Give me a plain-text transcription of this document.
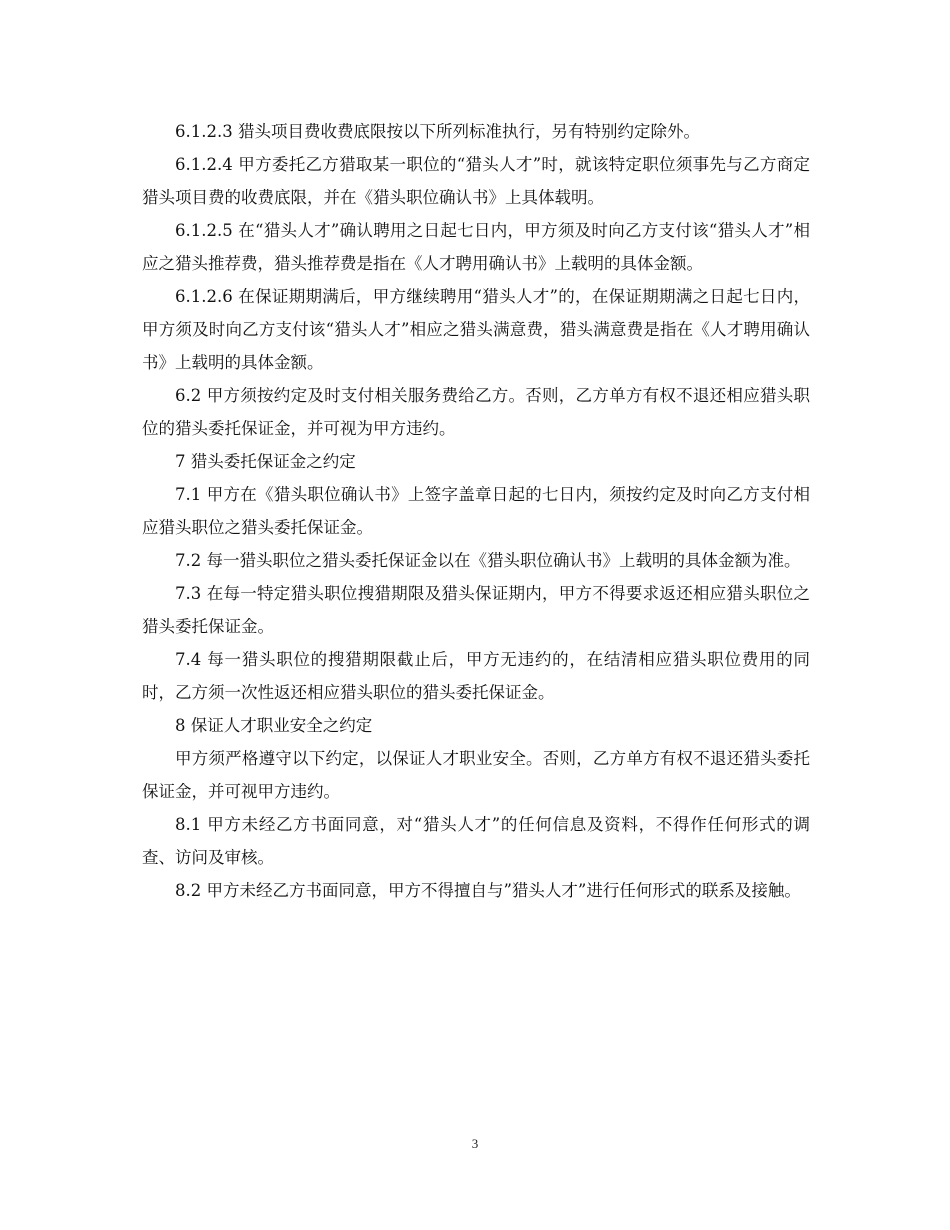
6.1.2.3 猎头项目费收费底限按以下所列标准执行，另有特别约定除外。

6.1.2.4 甲方委托乙方猎取某一职位的“猎头人才”时，就该特定职位须事先与乙方商定猎头项目费的收费底限，并在《猎头职位确认书》上具体载明。

6.1.2.5 在“猎头人才”确认聘用之日起七日内，甲方须及时向乙方支付该“猎头人才”相应之猎头推荐费，猎头推荐费是指在《人才聘用确认书》上载明的具体金额。

6.1.2.6 在保证期期满后，甲方继续聘用“猎头人才”的，在保证期期满之日起七日内，甲方须及时向乙方支付该“猎头人才”相应之猎头满意费，猎头满意费是指在《人才聘用确认书》上载明的具体金额。

6.2 甲方须按约定及时支付相关服务费给乙方。否则，乙方单方有权不退还相应猎头职位的猎头委托保证金，并可视为甲方违约。

7 猎头委托保证金之约定

7.1 甲方在《猎头职位确认书》上签字盖章日起的七日内，须按约定及时向乙方支付相应猎头职位之猎头委托保证金。

7.2 每一猎头职位之猎头委托保证金以在《猎头职位确认书》上载明的具体金额为准。

7.3 在每一特定猎头职位搜猎期限及猎头保证期内，甲方不得要求返还相应猎头职位之猎头委托保证金。

7.4 每一猎头职位的搜猎期限截止后，甲方无违约的，在结清相应猎头职位费用的同时，乙方须一次性返还相应猎头职位的猎头委托保证金。

8 保证人才职业安全之约定

甲方须严格遵守以下约定，以保证人才职业安全。否则，乙方单方有权不退还猎头委托保证金，并可视甲方违约。

8.1 甲方未经乙方书面同意，对“猎头人才”的任何信息及资料，不得作任何形式的调查、访问及审核。

8.2 甲方未经乙方书面同意，甲方不得擅自与”猎头人才”进行任何形式的联系及接触。

3
